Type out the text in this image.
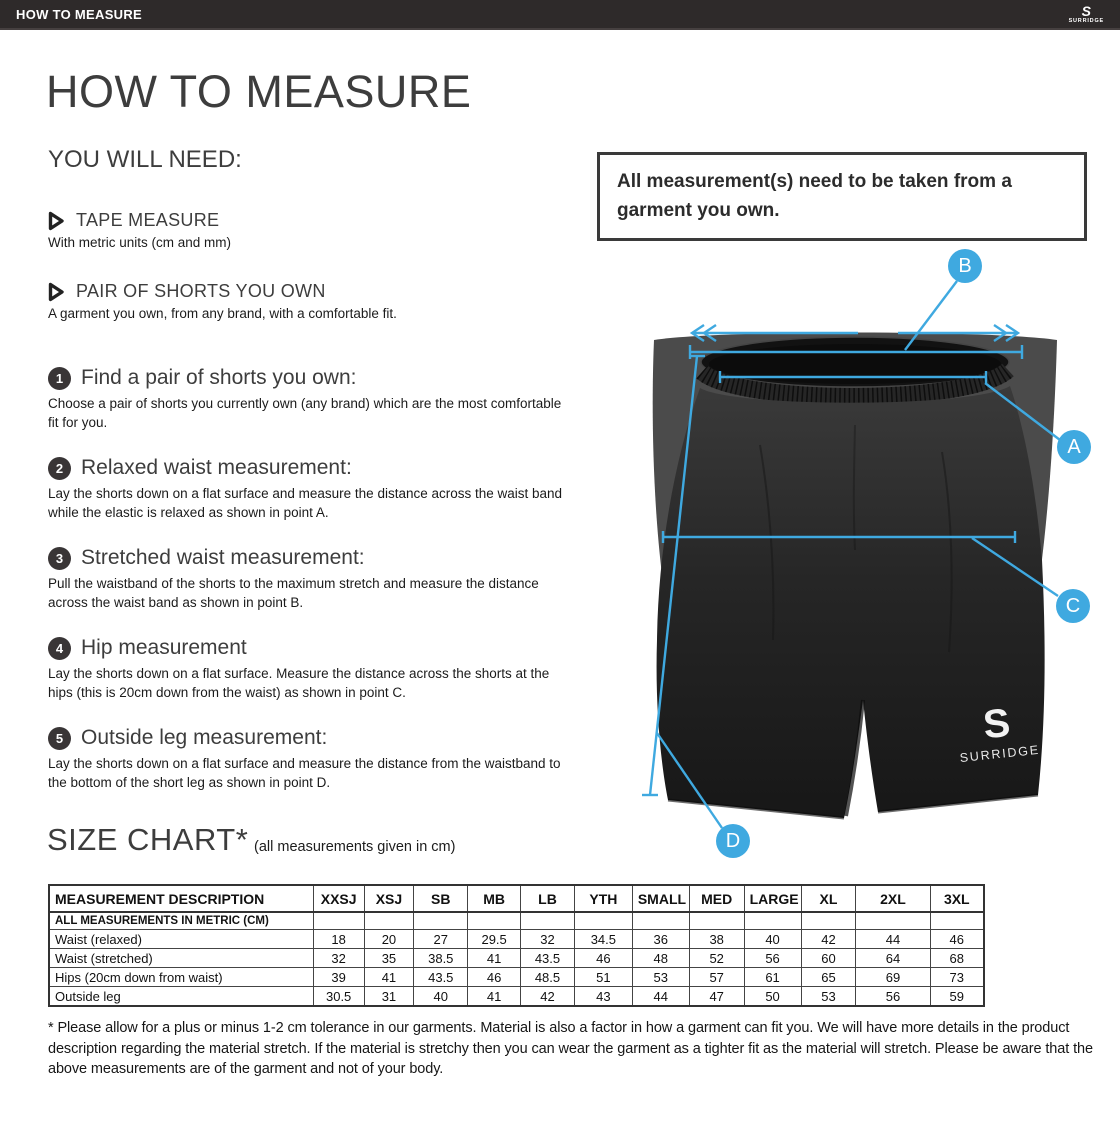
HOW TO MEASURE	S
SURRIDGE
HOW TO MEASURE
YOU WILL NEED:
TAPE MEASURE
With metric units (cm and mm)
PAIR OF SHORTS YOU OWN
A garment you own, from any brand, with a comfortable fit.
1 Find a pair of shorts you own:
Choose a pair of shorts you currently own (any brand) which are the most comfortable fit for you.
2 Relaxed waist measurement:
Lay the shorts down on a flat surface and measure the distance across the waist band while the elastic is relaxed as shown in point A.
3 Stretched waist measurement:
Pull the waistband of the shorts to the maximum stretch and measure the distance across the waist band as shown in point B.
4 Hip measurement
Lay the shorts down on a flat surface. Measure the distance across the shorts at the hips (this is 20cm down from the waist) as shown in point C.
5 Outside leg measurement:
Lay the shorts down on a flat surface and measure the distance from the waistband to the bottom of the short leg as shown in point D.
All measurement(s) need to be taken from a garment you own.
S
SURRIDGE
A
B
C
D
SIZE CHART* (all measurements given in cm)
MEASUREMENT DESCRIPTION	XXSJ	XSJ	SB	MB	LB	YTH	SMALL	MED	LARGE	XL	2XL	3XL
ALL MEASUREMENTS IN METRIC (CM)												
Waist (relaxed)	18	20	27	29.5	32	34.5	36	38	40	42	44	46
Waist (stretched)	32	35	38.5	41	43.5	46	48	52	56	60	64	68
Hips (20cm down from waist)	39	41	43.5	46	48.5	51	53	57	61	65	69	73
Outside leg	30.5	31	40	41	42	43	44	47	50	53	56	59
* Please allow for a plus or minus 1-2 cm tolerance in our garments. Material is also a factor in how a garment can fit you. We will have more details in the product description regarding the material stretch. If the material is stretchy then you can wear the garment as a tighter fit as the material will stretch. Please be aware that the above measurements are of the garment and not of your body.
